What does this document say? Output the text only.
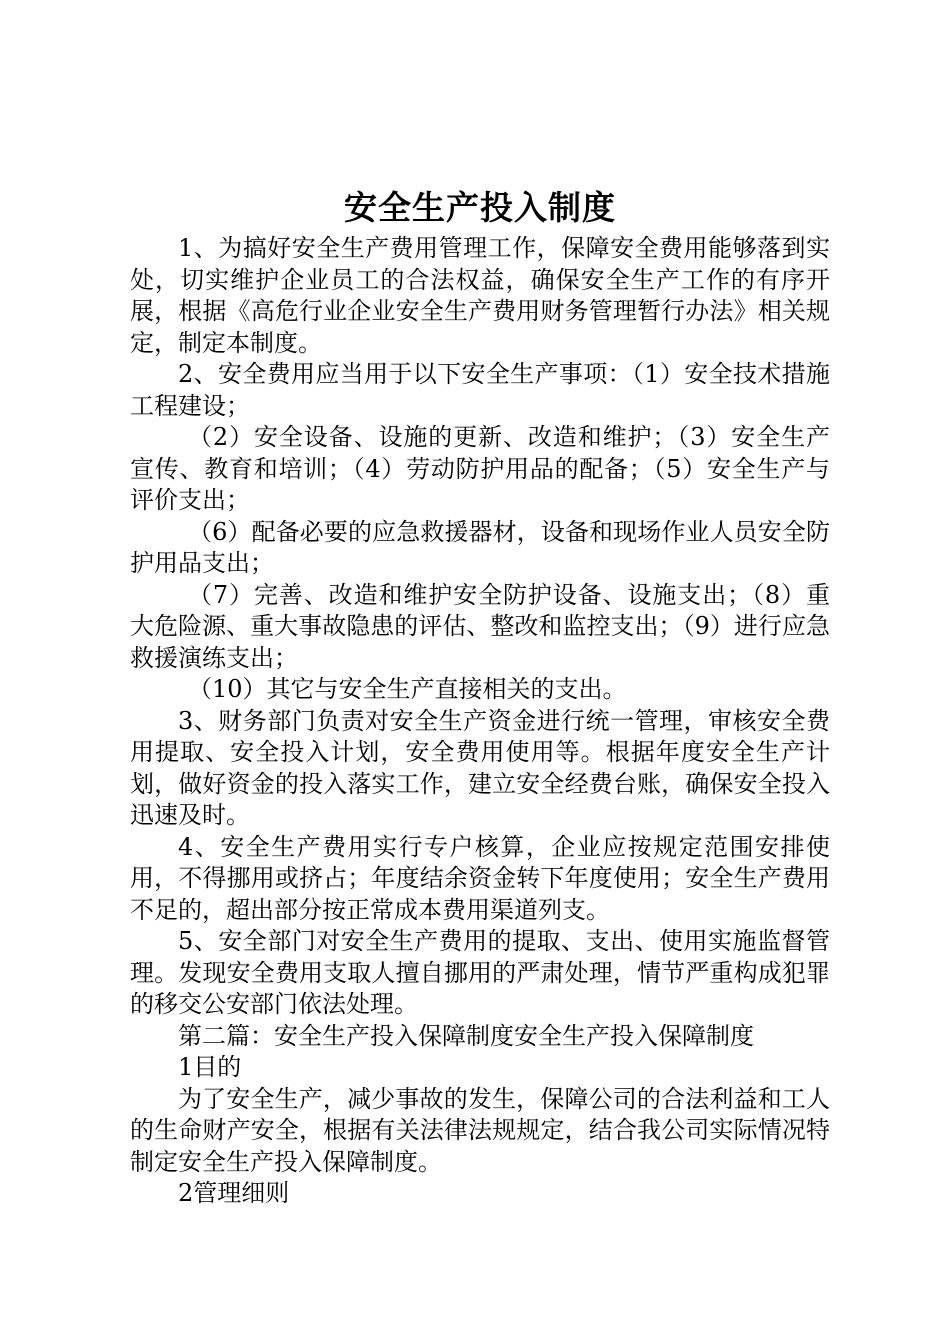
安全生产投入制度

1、为搞好安全生产费用管理工作，保障安全费用能够落到实处，切实维护企业员工的合法权益，确保安全生产工作的有序开展，根据《高危行业企业安全生产费用财务管理暂行办法》相关规定，制定本制度。

2、安全费用应当用于以下安全生产事项：（1）安全技术措施工程建设；

（2）安全设备、设施的更新、改造和维护；（3）安全生产宣传、教育和培训；（4）劳动防护用品的配备；（5）安全生产与评价支出；

（6）配备必要的应急救援器材，设备和现场作业人员安全防护用品支出；

（7）完善、改造和维护安全防护设备、设施支出；（8）重大危险源、重大事故隐患的评估、整改和监控支出；（9）进行应急救援演练支出；

（10）其它与安全生产直接相关的支出。

3、财务部门负责对安全生产资金进行统一管理，审核安全费用提取、安全投入计划，安全费用使用等。根据年度安全生产计划，做好资金的投入落实工作，建立安全经费台账，确保安全投入迅速及时。

4、安全生产费用实行专户核算，企业应按规定范围安排使用，不得挪用或挤占；年度结余资金转下年度使用；安全生产费用不足的，超出部分按正常成本费用渠道列支。

5、安全部门对安全生产费用的提取、支出、使用实施监督管理。发现安全费用支取人擅自挪用的严肃处理，情节严重构成犯罪的移交公安部门依法处理。

第二篇：安全生产投入保障制度安全生产投入保障制度

1目的

为了安全生产，减少事故的发生，保障公司的合法利益和工人的生命财产安全，根据有关法律法规规定，结合我公司实际情况特制定安全生产投入保障制度。

2管理细则
